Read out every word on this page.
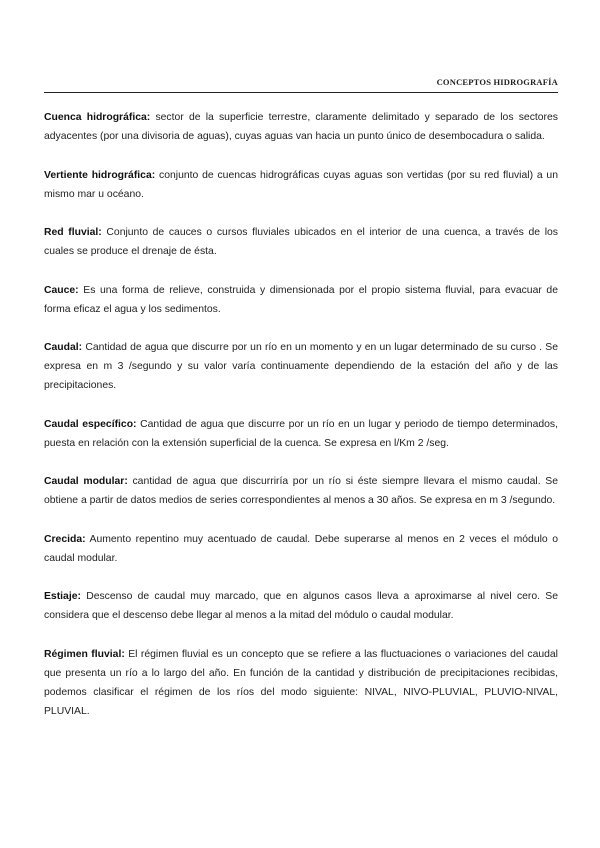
CONCEPTOS HIDROGRAFÍA

Cuenca hidrográfica: sector de la superficie terrestre, claramente delimitado y separado de los sectores adyacentes (por una divisoria de aguas), cuyas aguas van hacia un punto único de desembocadura o salida.

Vertiente hidrográfica: conjunto de cuencas hidrográficas cuyas aguas son vertidas (por su red fluvial) a un mismo mar u océano.

Red fluvial: Conjunto de cauces o cursos fluviales ubicados en el interior de una cuenca, a través de los cuales se produce el drenaje de ésta.

Cauce: Es una forma de relieve, construida y dimensionada por el propio sistema fluvial, para evacuar de forma eficaz el agua y los sedimentos.

Caudal: Cantidad de agua que discurre por un río en un momento y en un lugar determinado de su curso . Se expresa en m 3 /segundo y su valor varía continuamente dependiendo de la estación del año y de las precipitaciones.

Caudal específico: Cantidad de agua que discurre por un río en un lugar y periodo de tiempo determinados, puesta en relación con la extensión superficial de la cuenca. Se expresa en l/Km 2 /seg.

Caudal modular: cantidad de agua que discurriría por un río si éste siempre llevara el mismo caudal. Se obtiene a partir de datos medios de series correspondientes al menos a 30 años. Se expresa en m 3 /segundo.

Crecida: Aumento repentino muy acentuado de caudal. Debe superarse al menos en 2 veces el módulo o caudal modular.

Estiaje: Descenso de caudal muy marcado, que en algunos casos lleva a aproximarse al nivel cero. Se considera que el descenso debe llegar al menos a la mitad del módulo o caudal modular.

Régimen fluvial: El régimen fluvial es un concepto que se refiere a las fluctuaciones o variaciones del caudal que presenta un río a lo largo del año. En función de la cantidad y distribución de precipitaciones recibidas, podemos clasificar el régimen de los ríos del modo siguiente: NIVAL, NIVO-PLUVIAL, PLUVIO-NIVAL, PLUVIAL.
